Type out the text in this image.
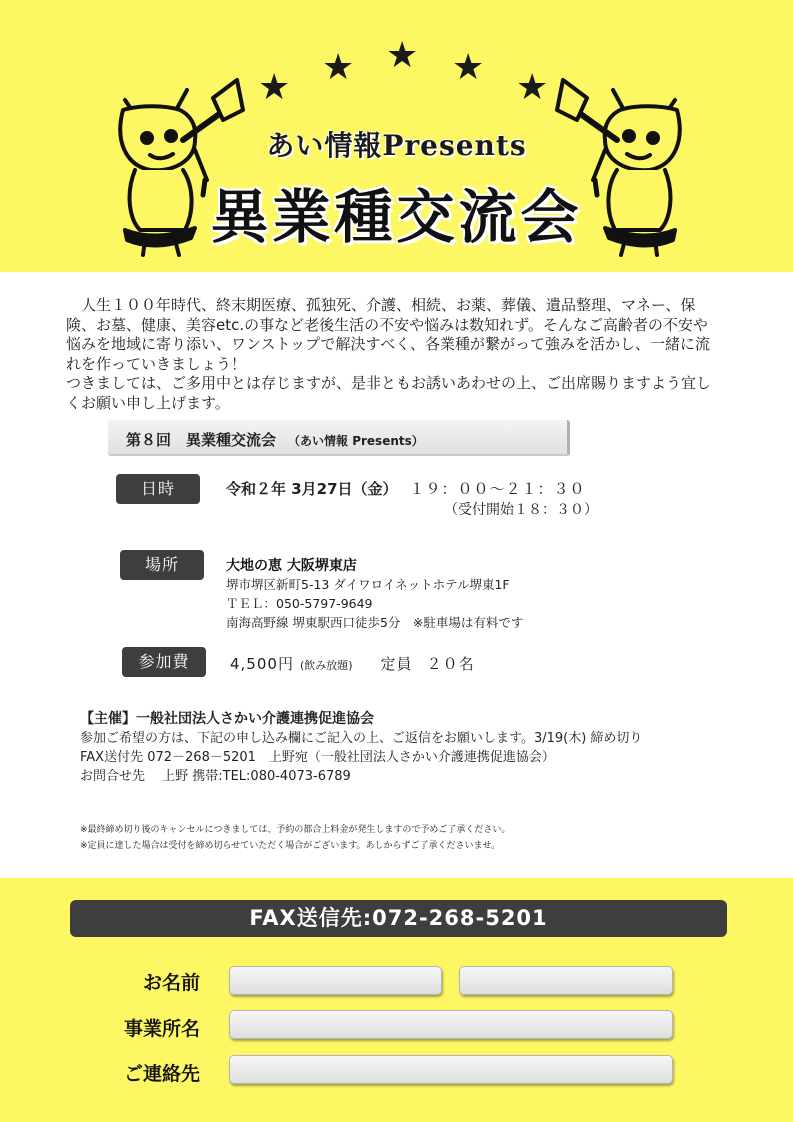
★ ★ ★ ★ ★
あい情報Presents
異業種交流会

　人生１００年時代、終末期医療、孤独死、介護、相続、お薬、葬儀、遺品整理、マネー、保険、お墓、健康、美容etc.の事など老後生活の不安や悩みは数知れず。そんなご高齢者の不安や悩みを地域に寄り添い、ワンストップで解決すべく、各業種が繋がって強みを活かし、一緒に流れを作っていきましょう！

つきましては、ご多用中とは存じますが、是非ともお誘いあわせの上、ご出席賜りますよう宜しくお願い申し上げます。

第８回　異業種交流会 （あい情報 Presents）
日時	令和２年 3月27日（金） １９：００～２１：３０
（受付開始１８：３０）
場所	大地の恵 大阪堺東店
堺市堺区新町5-13 ダイワロイネットホテル堺東1F
ＴＥＬ：050-5797-9649
南海高野線 堺東駅西口徒歩5分　※駐車場は有料です
参加費	4,500円 (飲み放題) 定員 ２０名
【主催】一般社団法人さかい介護連携促進協会
参加ご希望の方は、下記の申し込み欄にご記入の上、ご返信をお願いします。3/19(木) 締め切り
FAX送付先 072－268－5201　上野宛（一般社団法人さかい介護連携促進協会）
お問合せ先　 上野 携帯:TEL:080-4073-6789
※最終締め切り後のキャンセルにつきましては、予約の都合上料金が発生しますので予めご了承ください。
※定員に達した場合は受付を締め切らせていただく場合がございます。あしからずご了承くださいませ。
FAX送信先:072-268-5201
お名前
事業所名
ご連絡先
